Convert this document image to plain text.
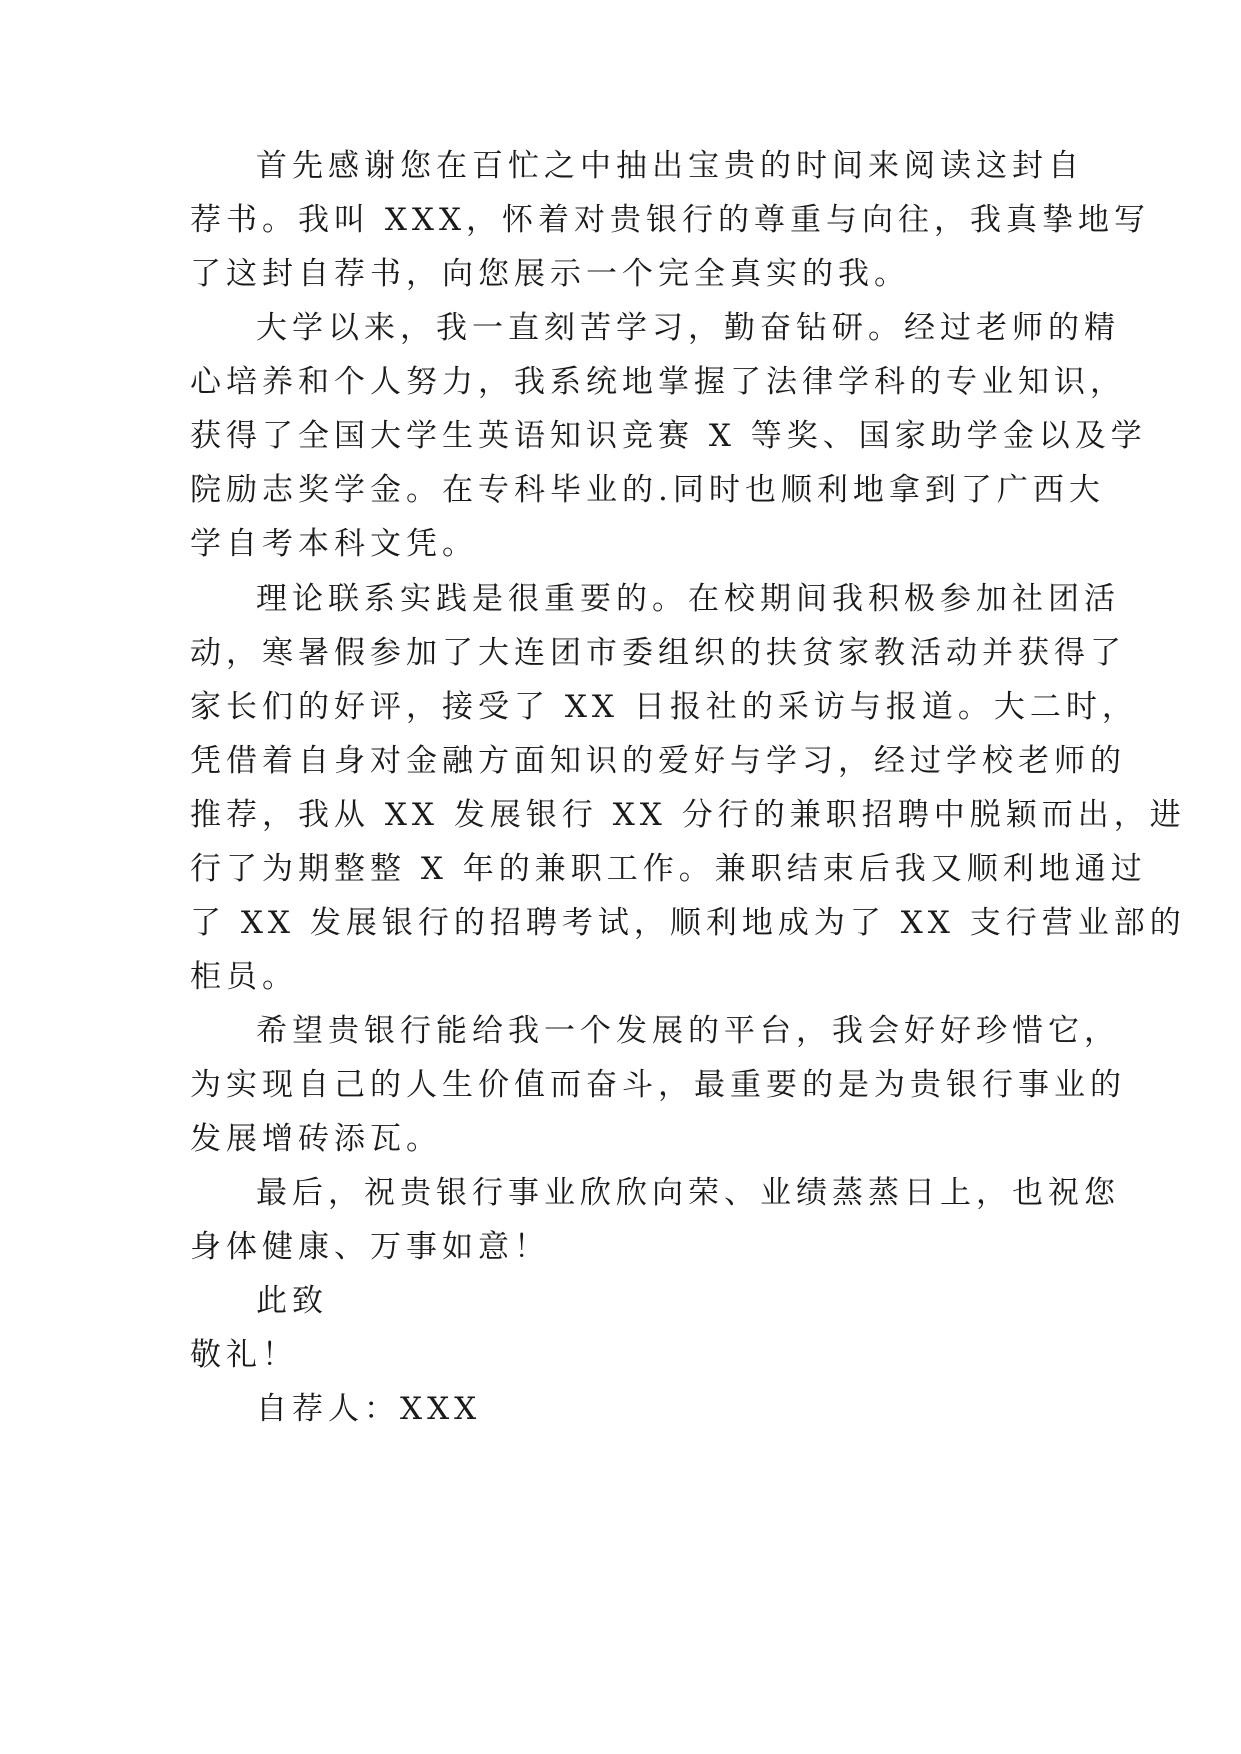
首先感谢您在百忙之中抽出宝贵的时间来阅读这封自
荐书。我叫 XXX，怀着对贵银行的尊重与向往，我真挚地写
了这封自荐书，向您展示一个完全真实的我。
大学以来，我一直刻苦学习，勤奋钻研。经过老师的精
心培养和个人努力，我系统地掌握了法律学科的专业知识，
获得了全国大学生英语知识竞赛 X 等奖、国家助学金以及学
院励志奖学金。在专科毕业的.同时也顺利地拿到了广西大
学自考本科文凭。
理论联系实践是很重要的。在校期间我积极参加社团活
动，寒暑假参加了大连团市委组织的扶贫家教活动并获得了
家长们的好评，接受了 XX 日报社的采访与报道。大二时，
凭借着自身对金融方面知识的爱好与学习，经过学校老师的
推荐，我从 XX 发展银行 XX 分行的兼职招聘中脱颖而出，进
行了为期整整 X 年的兼职工作。兼职结束后我又顺利地通过
了 XX 发展银行的招聘考试，顺利地成为了 XX 支行营业部的
柜员。
希望贵银行能给我一个发展的平台，我会好好珍惜它，
为实现自己的人生价值而奋斗，最重要的是为贵银行事业的
发展增砖添瓦。
最后，祝贵银行事业欣欣向荣、业绩蒸蒸日上，也祝您
身体健康、万事如意！
此致
敬礼！
自荐人：XXX
